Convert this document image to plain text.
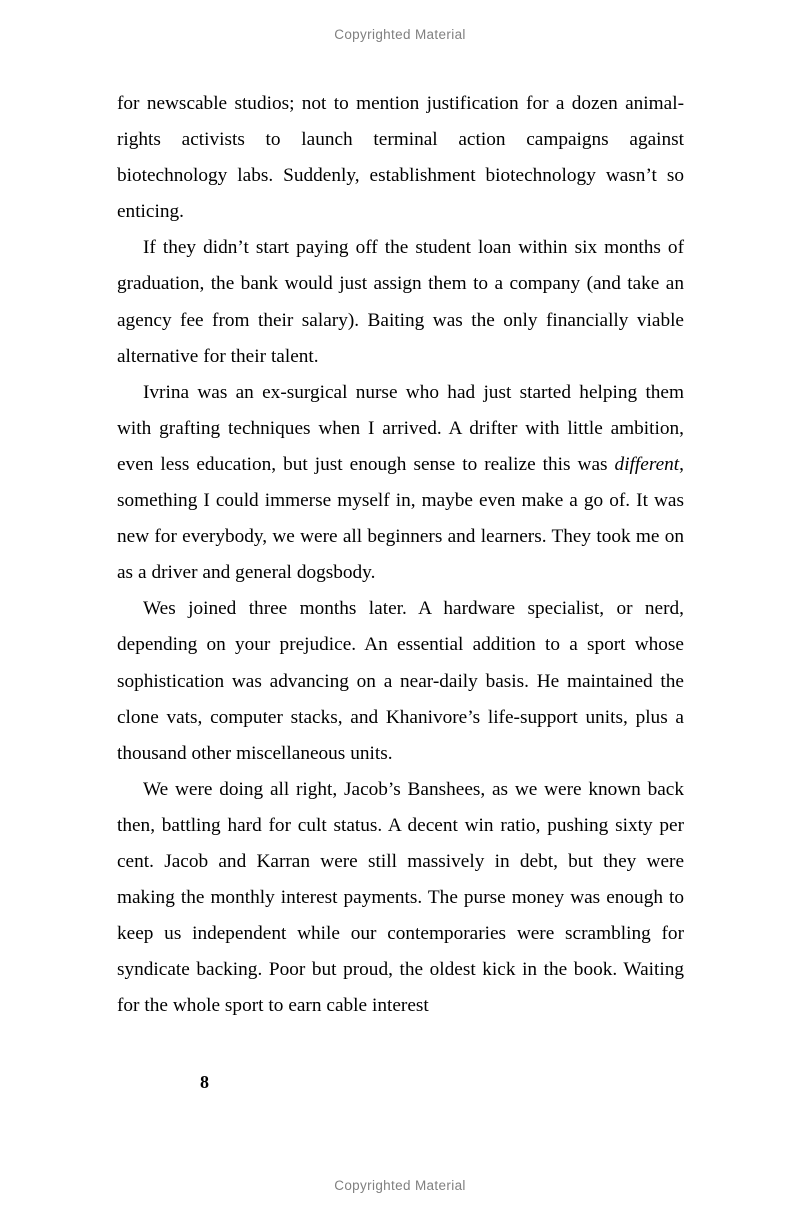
Copyrighted Material

for newscable studios; not to mention justification for a dozen animal-rights activists to launch terminal action campaigns against biotechnology labs. Suddenly, establishment biotechnology wasn’t so enticing.

If they didn’t start paying off the student loan within six months of graduation, the bank would just assign them to a company (and take an agency fee from their salary). Baiting was the only financially viable alternative for their talent.

Ivrina was an ex-surgical nurse who had just started helping them with grafting techniques when I arrived. A drifter with little ambition, even less education, but just enough sense to realize this was different, something I could immerse myself in, maybe even make a go of. It was new for everybody, we were all beginners and learners. They took me on as a driver and general dogsbody.

Wes joined three months later. A hardware specialist, or nerd, depending on your prejudice. An essential addition to a sport whose sophistication was advancing on a near-daily basis. He maintained the clone vats, computer stacks, and Khanivore’s life-support units, plus a thousand other miscellaneous units.

We were doing all right, Jacob’s Banshees, as we were known back then, battling hard for cult status. A decent win ratio, pushing sixty per cent. Jacob and Karran were still massively in debt, but they were making the monthly interest payments. The purse money was enough to keep us independent while our contemporaries were scrambling for syndicate backing. Poor but proud, the oldest kick in the book. Waiting for the whole sport to earn cable interest

8
Copyrighted Material
